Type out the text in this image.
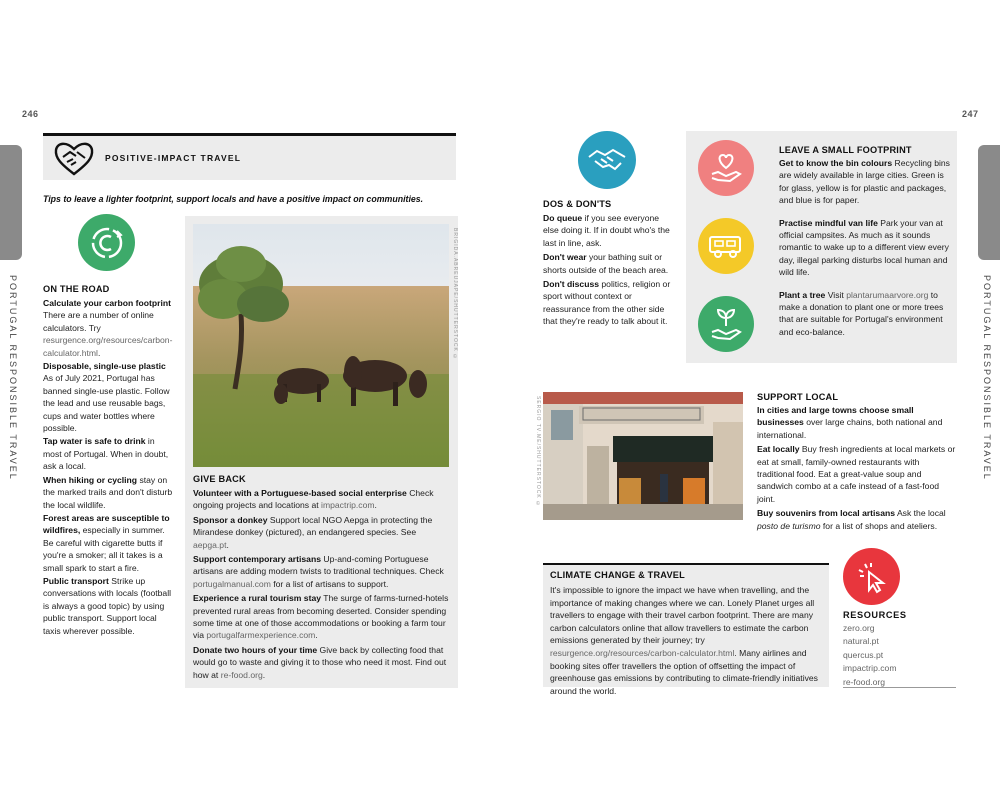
246	247
PORTUGAL RESPONSIBLE TRAVEL	PORTUGAL RESPONSIBLE TRAVEL
POSITIVE-IMPACT TRAVEL
Tips to leave a lighter footprint, support locals and have a positive impact on communities.

ON THE ROAD

Calculate your carbon footprint
There are a number of online calculators. Try resurgence.org/resources/carbon-calculator.html.

Disposable, single-use plastic
As of July 2021, Portugal has banned single-use plastic. Follow the lead and use reusable bags, cups and water bottles where possible.

Tap water is safe to drink in most of Portugal. When in doubt, ask a local.

When hiking or cycling stay on the marked trails and don't disturb the local wildlife.

Forest areas are susceptible to wildfires, especially in summer. Be careful with cigarette butts if you're a smoker; all it takes is a small spark to start a fire.

Public transport Strike up conversations with locals (football is always a good topic) by using public transport. Support local taxis wherever possible.

BRIGIDA.ABREUJAPE/SHUTTERSTOCK ©

GIVE BACK

Volunteer with a Portuguese-based social enterprise Check ongoing projects and locations at impactrip.com.

Sponsor a donkey Support local NGO Aepga in protecting the Mirandese donkey (pictured), an endangered species. See aepga.pt.

Support contemporary artisans Up-and-coming Portuguese artisans are adding modern twists to traditional techniques. Check portugalmanual.com for a list of artisans to support.

Experience a rural tourism stay The surge of farms-turned-hotels prevented rural areas from becoming deserted. Consider spending some time at one of those accommodations or booking a farm tour via portugalfarmexperience.com.

Donate two hours of your time Give back by collecting food that would go to waste and giving it to those who need it most. Find out how at re-food.org.

DOS & DON'TS

Do queue if you see everyone else doing it. If in doubt who's the last in line, ask.

Don't wear your bathing suit or shorts outside of the beach area.

Don't discuss politics, religion or sport without context or reassurance from the other side that they're ready to talk about it.

LEAVE A SMALL FOOTPRINT

Get to know the bin colours Recycling bins are widely available in large cities. Green is for glass, yellow is for plastic and packages, and blue is for paper.

Practise mindful van life Park your van at official campsites. As much as it sounds romantic to wake up to a different view every day, illegal parking disturbs local human and wild life.

Plant a tree Visit plantarumaarvore.org to make a donation to plant one or more trees that are suitable for Portugal's environment and eco-balance.

SERGIO TV.ME/SHUTTERSTOCK ©	SUPPORT LOCAL

In cities and large towns choose small businesses over large chains, both national and international.

Eat locally Buy fresh ingredients at local markets or eat at small, family-owned restaurants with traditional food. Eat a great-value soup and sandwich combo at a cafe instead of a fast-food joint.

Buy souvenirs from local artisans Ask the local posto de turismo for a list of shops and ateliers.

CLIMATE CHANGE & TRAVEL

It's impossible to ignore the impact we have when travelling, and the importance of making changes where we can. Lonely Planet urges all travellers to engage with their travel carbon footprint. There are many carbon calculators online that allow travellers to estimate the carbon emissions generated by their journey; try resurgence.org/resources/carbon-calculator.html. Many airlines and booking sites offer travellers the option of offsetting the impact of greenhouse gas emissions by contributing to climate-friendly initiatives around the world.

RESOURCES

zero.org
natural.pt
quercus.pt
impactrip.com
re-food.org
